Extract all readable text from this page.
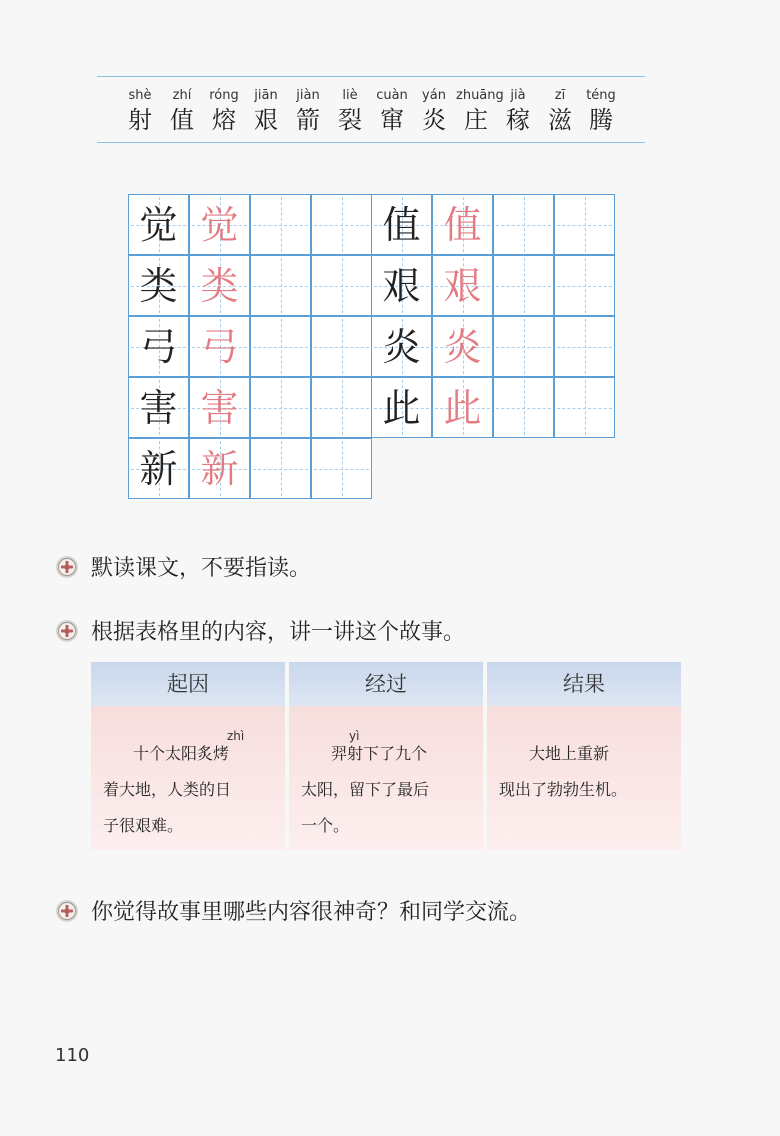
shè
射
zhí
值
róng
熔
jiān
艰
jiàn
箭
liè
裂
cuàn
窜
yán
炎
zhuāng
庄
jià
稼
zī
滋
téng
腾
觉 觉
类 类
弓 弓
害 害
新 新
值 值
艰 艰
炎 炎
此 此
默读课文，不要指读。
根据表格里的内容，讲一讲这个故事。
起因
zhì
十个太阳炙烤
着大地，人类的日
子很艰难。
经过
yì
羿射下了九个
太阳，留下了最后
一个。
结果
大地上重新
现出了勃勃生机。
你觉得故事里哪些内容很神奇？和同学交流。
110
